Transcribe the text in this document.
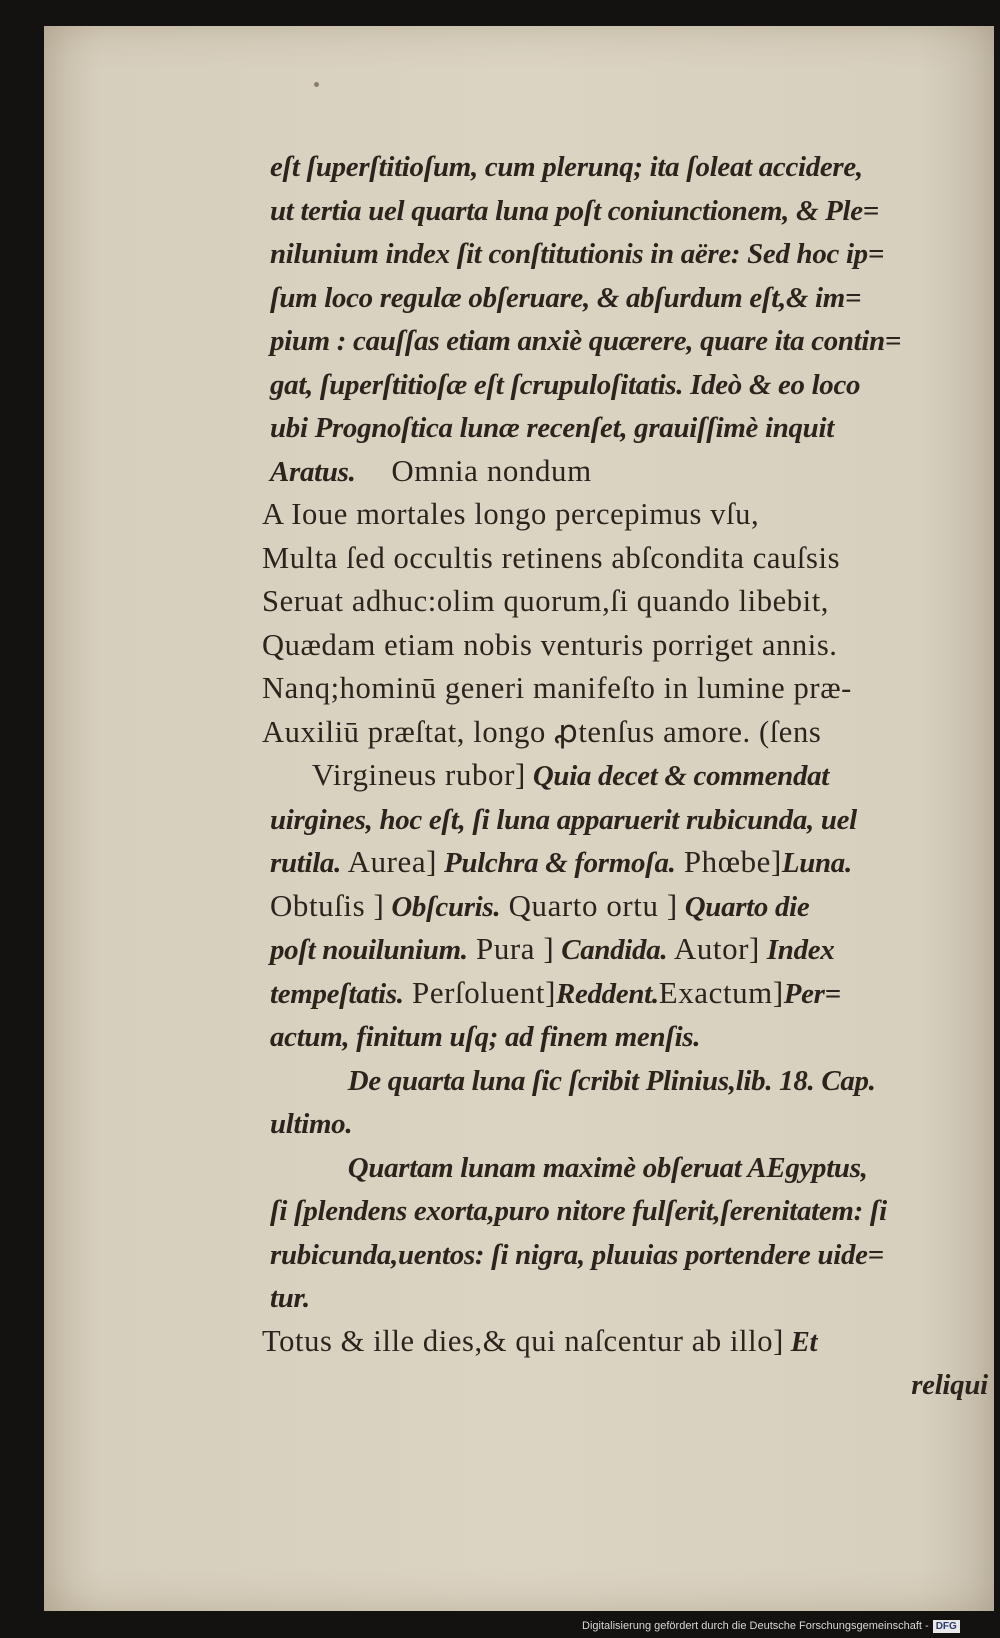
eſt ſuperſtitioſum, cum plerunq; ita ſoleat accidere,
ut tertia uel quarta luna poſt coniunctionem, & Ple=
nilunium index ſit conſtitutionis in aëre: Sed hoc ip=
ſum loco regulæ obſeruare, & abſurdum eſt,& im=
pium : cauſſas etiam anxiè quærere, quare ita contin=
gat, ſuperſtitioſæ eſt ſcrupuloſitatis. Ideò & eo loco
ubi Prognoſtica lunæ recenſet, grauiſſimè inquit
Aratus. Omnia nondum
A Ioue mortales longo percepimus vſu,
Multa ſed occultis retinens abſcondita cauſsis
Seruat adhuc:olim quorum,ſi quando libebit,
Quædam etiam nobis venturis porriget annis.
Nanq;hominū generi manifeſto in lumine præ-
Auxiliū præſtat, longo ꝓtenſus amore. (ſens
Virgineus rubor] Quia decet & commendat
uirgines, hoc eſt, ſi luna apparuerit rubicunda, uel
rutila. Aurea] Pulchra & formoſa. Phœbe]Luna.
Obtuſis ] Obſcuris. Quarto ortu ] Quarto die
poſt nouilunium. Pura ] Candida. Autor] Index
tempeſtatis. Perſoluent]Reddent.Exactum]Per=
actum, finitum uſq; ad finem menſis.
De quarta luna ſic ſcribit Plinius,lib. 18. Cap.
ultimo.
Quartam lunam maximè obſeruat AEgyptus,
ſi ſplendens exorta,puro nitore fulſerit,ſerenitatem: ſi
rubicunda,uentos: ſi nigra, pluuias portendere uide=
tur.
Totus & ille dies,& qui naſcentur ab illo] Et
reliqui
Digitalisierung gefördert durch die Deutsche Forschungsgemeinschaft - DFG
